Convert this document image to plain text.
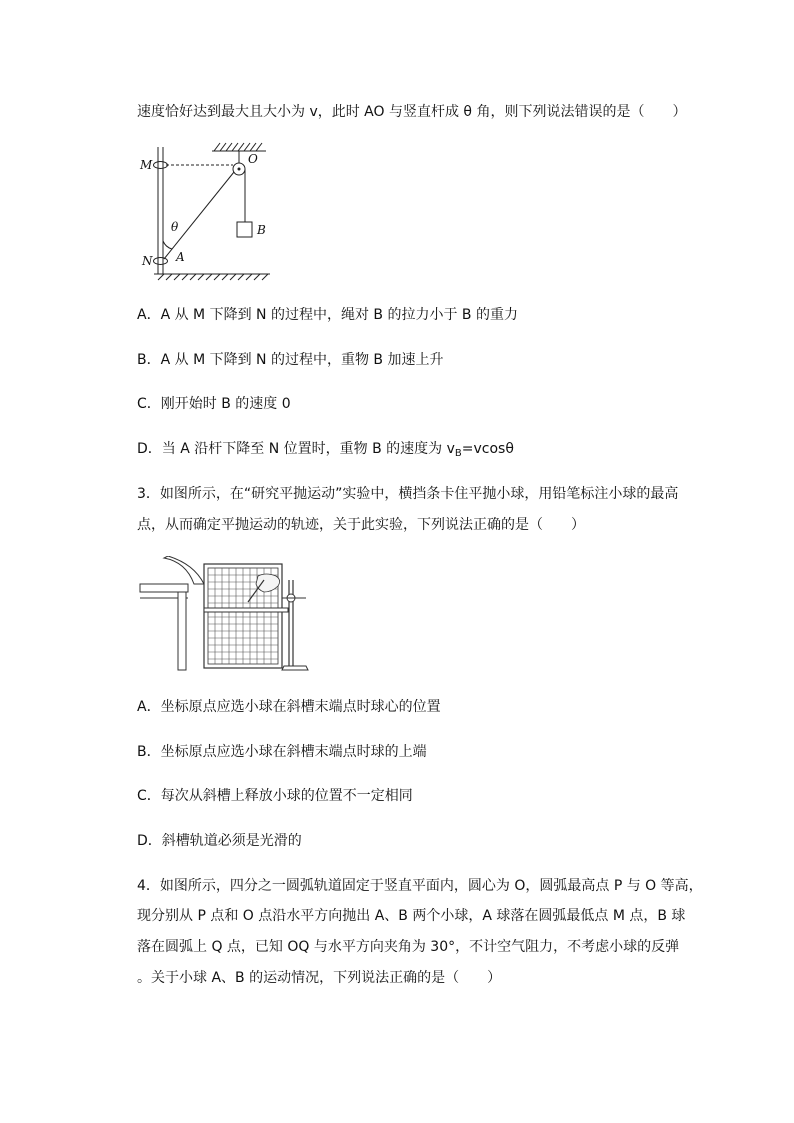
速度恰好达到最大且大小为 v，此时 AO 与竖直杆成 θ 角，则下列说法错误的是（　　）
M	O
θ	B
N A
A．A 从 M 下降到 N 的过程中，绳对 B 的拉力小于 B 的重力
B．A 从 M 下降到 N 的过程中，重物 B 加速上升
C．刚开始时 B 的速度 0
D．当 A 沿杆下降至 N 位置时，重物 B 的速度为 $v_B=vcos\theta$
3．如图所示，在“研究平抛运动”实验中，横挡条卡住平抛小球，用铅笔标注小球的最高
点，从而确定平抛运动的轨迹，关于此实验，下列说法正确的是（　　）
A．坐标原点应选小球在斜槽末端点时球心的位置
B．坐标原点应选小球在斜槽末端点时球的上端
C．每次从斜槽上释放小球的位置不一定相同
D．斜槽轨道必须是光滑的
4．如图所示，四分之一圆弧轨道固定于竖直平面内，圆心为 O，圆弧最高点 P 与 O 等高，
现分别从 P 点和 O 点沿水平方向抛出 A、B 两个小球，A 球落在圆弧最低点 M 点，B 球
落在圆弧上 Q 点，已知 OQ 与水平方向夹角为 30°，不计空气阻力，不考虑小球的反弹
。关于小球 A、B 的运动情况，下列说法正确的是（　　）
